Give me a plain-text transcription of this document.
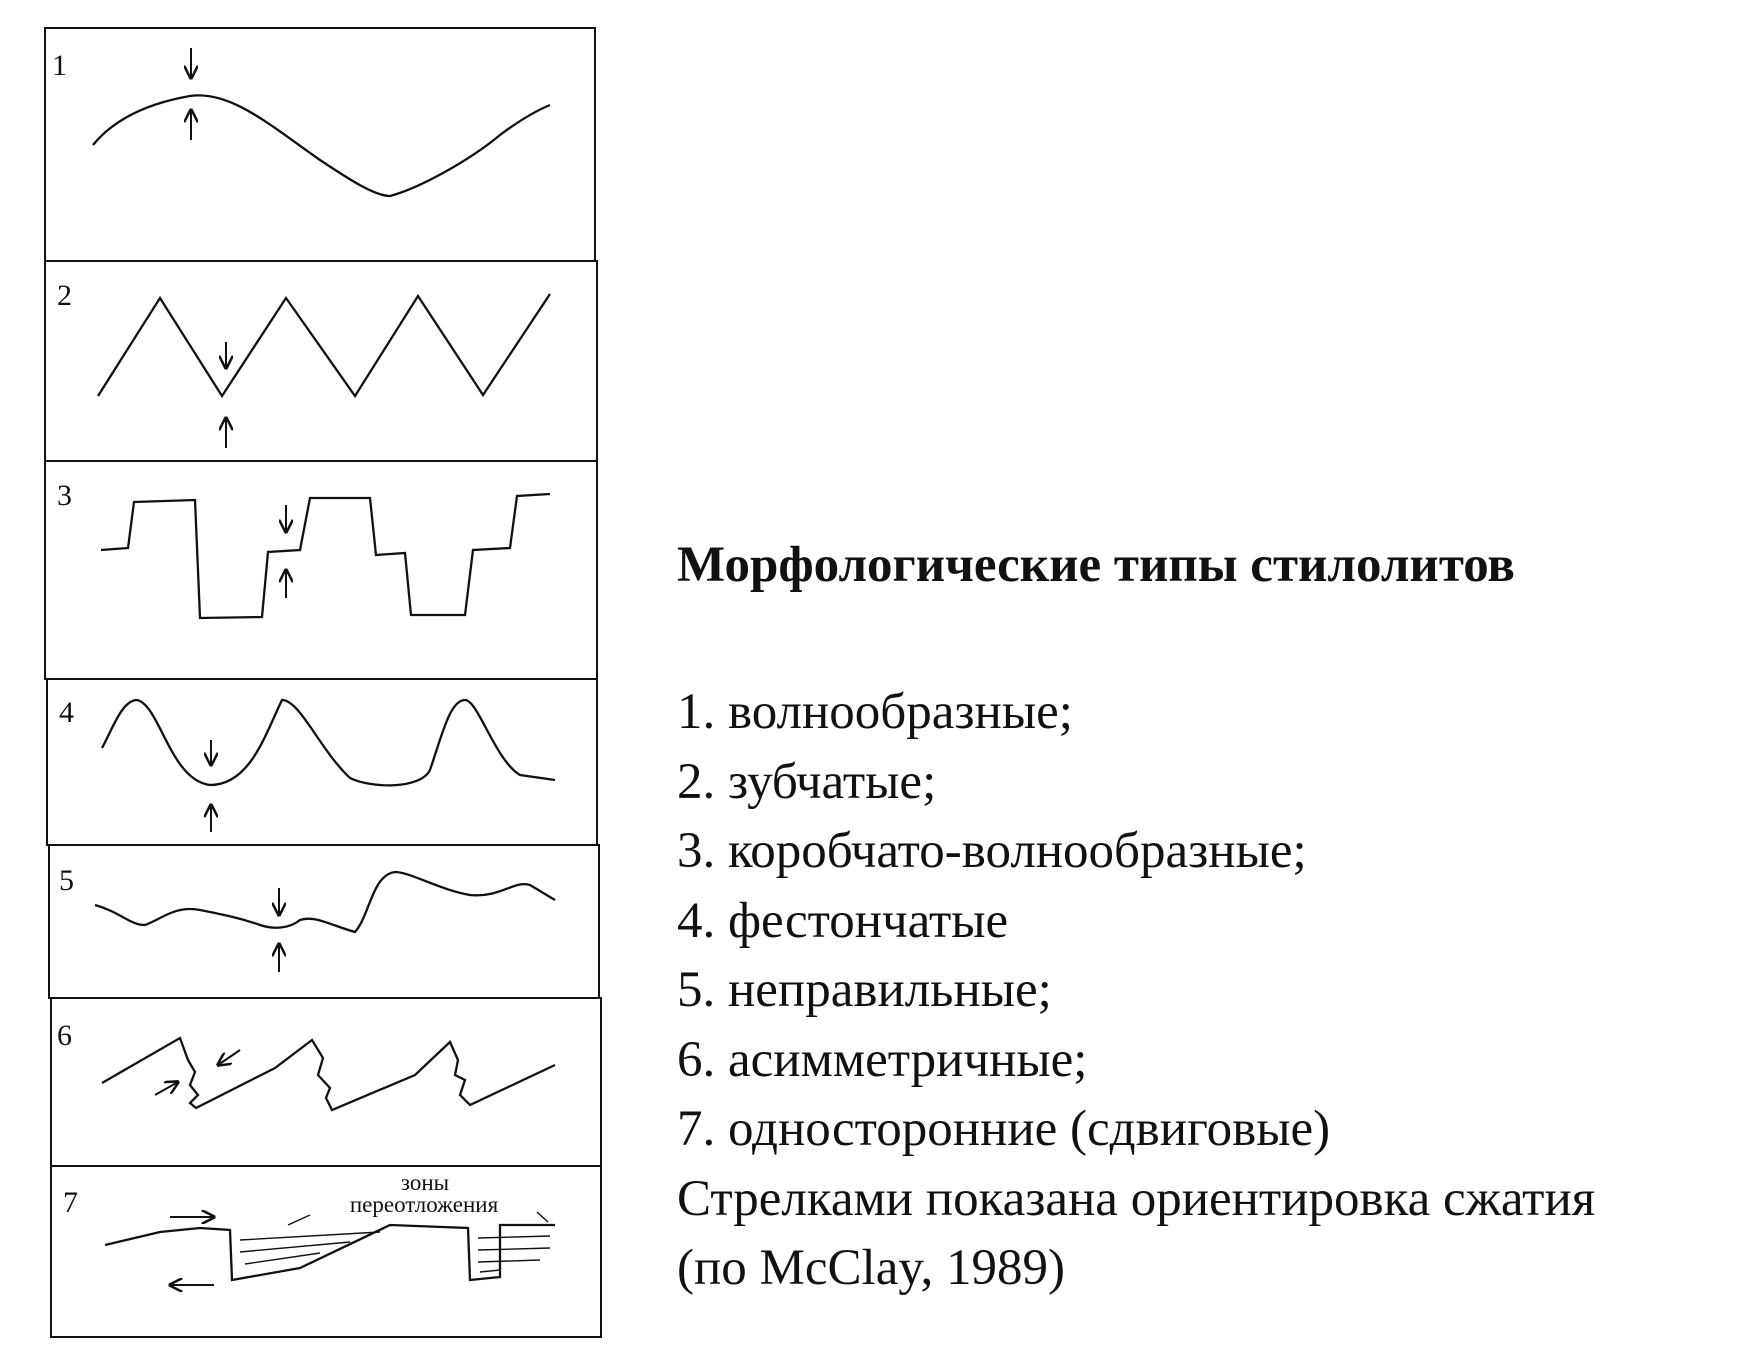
1
2
3
4
5
6
7
зоны
переотложения
Морфологические типы стилолитов
1. волнообразные;
2. зубчатые;
3. коробчато-волнообразные;
4. фестончатые
5. неправильные;
6. асимметричные;
7. односторонние (сдвиговые)
Стрелками показана ориентировка сжатия
(по McClay, 1989)
